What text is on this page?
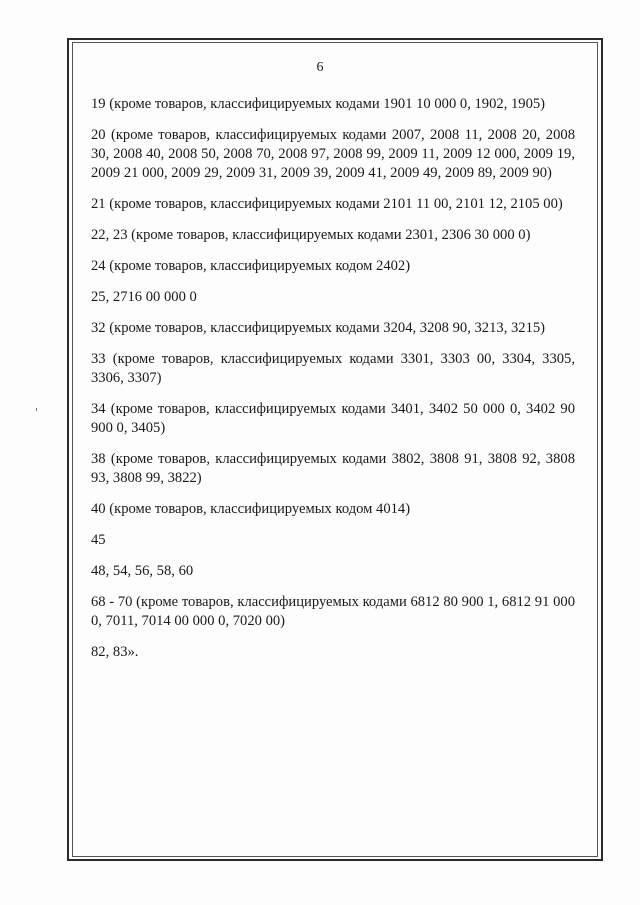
6

19 (кроме товаров, классифицируемых кодами 1901 10 000 0, 1902, 1905)

20 (кроме товаров, классифицируемых кодами 2007, 2008 11, 2008 20, 2008 30, 2008 40, 2008 50, 2008 70, 2008 97, 2008 99, 2009 11, 2009 12 000, 2009 19, 2009 21 000, 2009 29, 2009 31, 2009 39, 2009 41, 2009 49, 2009 89, 2009 90)

21 (кроме товаров, классифицируемых кодами 2101 11 00, 2101 12, 2105 00)

22, 23 (кроме товаров, классифицируемых кодами 2301, 2306 30 000 0)

24 (кроме товаров, классифицируемых кодом 2402)

25, 2716 00 000 0

32 (кроме товаров, классифицируемых кодами 3204, 3208 90, 3213, 3215)

33 (кроме товаров, классифицируемых кодами 3301, 3303 00, 3304, 3305, 3306, 3307)

34 (кроме товаров, классифицируемых кодами 3401, 3402 50 000 0, 3402 90 900 0, 3405)

38 (кроме товаров, классифицируемых кодами 3802, 3808 91, 3808 92, 3808 93, 3808 99, 3822)

40 (кроме товаров, классифицируемых кодом 4014)

45

48, 54, 56, 58, 60

68 - 70 (кроме товаров, классифицируемых кодами 6812 80 900 1, 6812 91 000 0, 7011, 7014 00 000 0, 7020 00)

82, 83».
